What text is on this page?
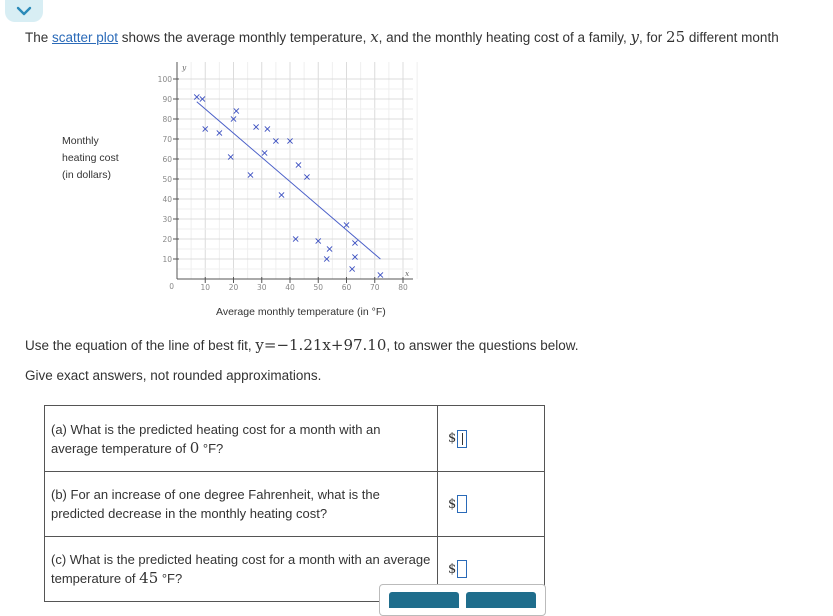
The scatter plot shows the average monthly temperature, x, and the monthly heating cost of a family, y, for 25 different month
Monthly
heating cost
(in dollars)
10
20
30
40
50
60
70
80
90
100
10 20 30 40 50 60 70 80
0
y
x
Average monthly temperature (in °F)
Use the equation of the line of best fit, y=−1.21x+97.10, to answer the questions below.
Give exact answers, not rounded approximations.
(a) What is the predicted heating cost for a month with an average temperature of 0 °F?	$

(b) For an increase of one degree Fahrenheit, what is the predicted decrease in the monthly heating cost?	$

(c) What is the predicted heating cost for a month with an average temperature of 45 °F?	$
